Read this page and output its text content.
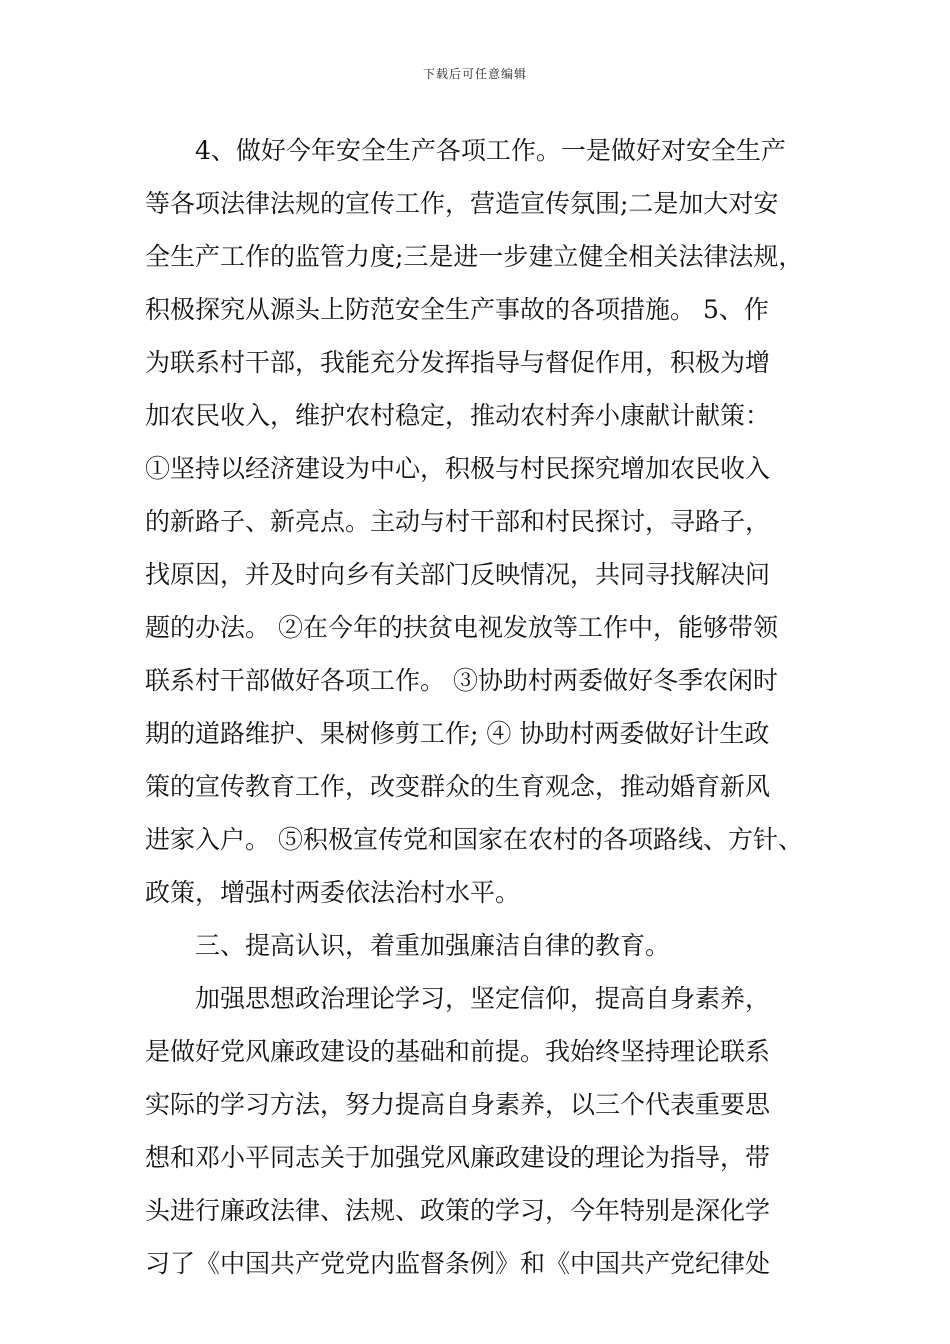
下载后可任意编辑
4、做好今年安全生产各项工作。一是做好对安全生产
等各项法律法规的宣传工作，营造宣传氛围;二是加大对安
全生产工作的监管力度;三是进一步建立健全相关法律法规，
积极探究从源头上防范安全生产事故的各项措施。 5、作
为联系村干部，我能充分发挥指导与督促作用，积极为增
加农民收入，维护农村稳定，推动农村奔小康献计献策：
①坚持以经济建设为中心，积极与村民探究增加农民收入
的新路子、新亮点。主动与村干部和村民探讨，寻路子，
找原因，并及时向乡有关部门反映情况，共同寻找解决问
题的办法。 ②在今年的扶贫电视发放等工作中，能够带领
联系村干部做好各项工作。 ③协助村两委做好冬季农闲时
期的道路维护、果树修剪工作; ④ 协助村两委做好计生政
策的宣传教育工作，改变群众的生育观念，推动婚育新风
进家入户。 ⑤积极宣传党和国家在农村的各项路线、方针、
政策，增强村两委依法治村水平。
三、提高认识，着重加强廉洁自律的教育。
加强思想政治理论学习，坚定信仰，提高自身素养，
是做好党风廉政建设的基础和前提。我始终坚持理论联系
实际的学习方法，努力提高自身素养，以三个代表重要思
想和邓小平同志关于加强党风廉政建设的理论为指导，带
头进行廉政法律、法规、政策的学习，今年特别是深化学
习了《中国共产党党内监督条例》和《中国共产党纪律处
